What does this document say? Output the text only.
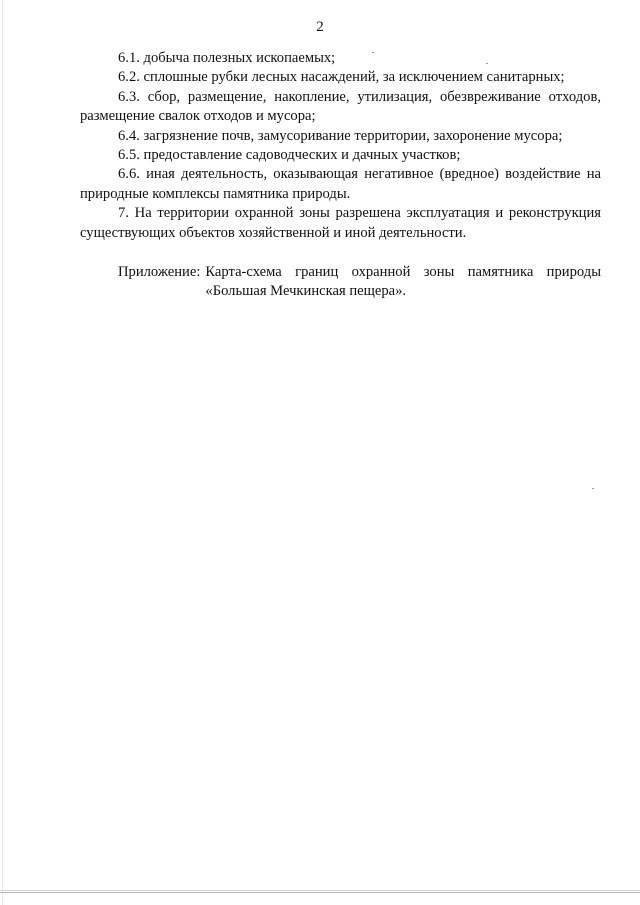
2

6.1. добыча полезных ископаемых;

6.2. сплошные рубки лесных насаждений, за исключением санитарных;

6.3. сбор, размещение, накопление, утилизация, обезвреживание отходов, размещение свалок отходов и мусора;

6.4. загрязнение почв, замусоривание территории, захоронение мусора;

6.5. предоставление садоводческих и дачных участков;

6.6. иная деятельность, оказывающая негативное (вредное) воздействие на природные комплексы памятника природы.

7. На территории охранной зоны разрешена эксплуатация и реконструкция существующих объектов хозяйственной и иной деятельности.

Приложение: Карта-схема границ охранной зоны памятника природы «Большая Мечкинская пещера».
